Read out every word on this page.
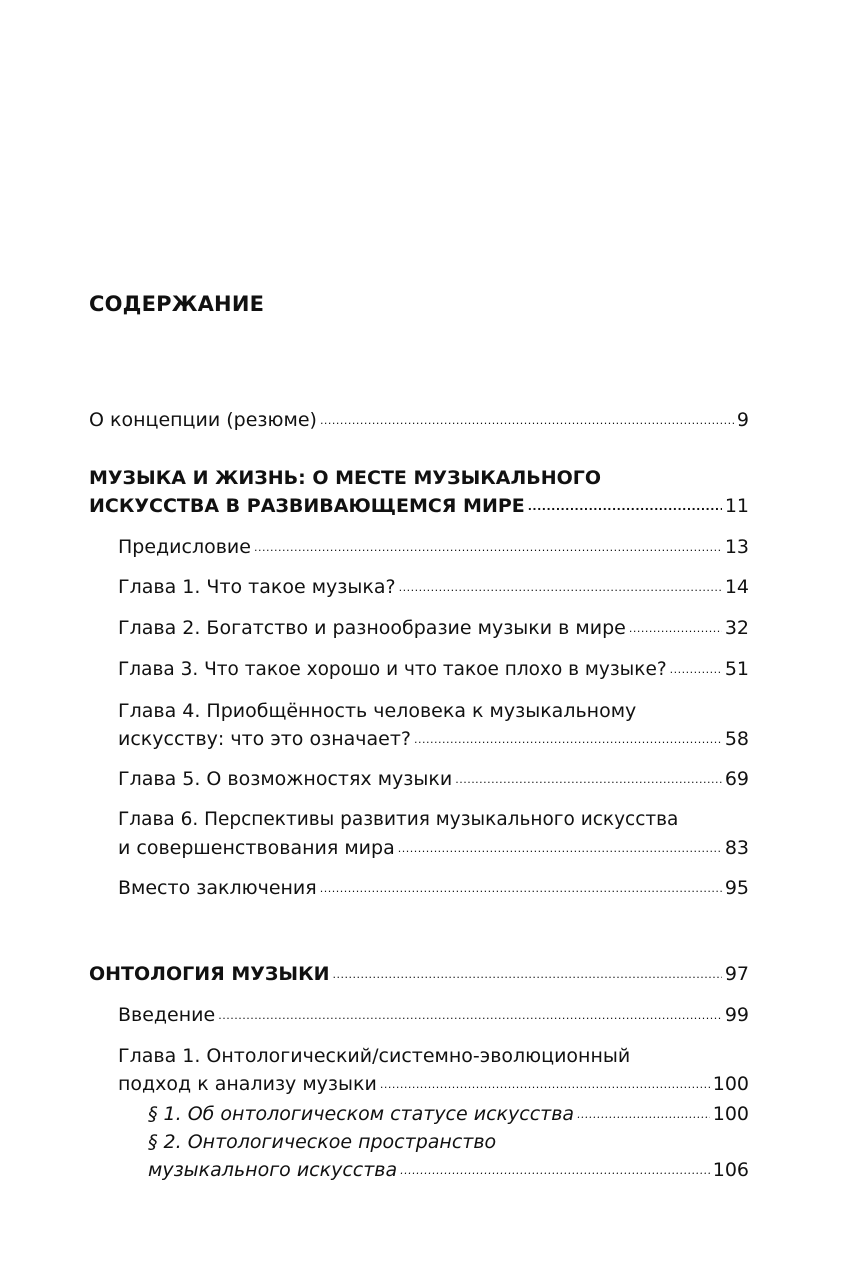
СОДЕРЖАНИЕ
О концепции (резюме) .....	9
МУЗЫКА И ЖИЗНЬ: О МЕСТЕ МУЗЫКАЛЬНОГО
ИСКУССТВА В РАЗВИВАЮЩЕМСЯ МИРЕ .....	11
Предисловие .....	13
Глава 1. Что такое музыка? .....	14
Глава 2. Богатство и разнообразие музыки в мире .....	32
Глава 3. Что такое хорошо и что такое плохо в музыке? .....	51
Глава 4. Приобщённость человека к музыкальному
искусству: что это означает? .....	58
Глава 5. О возможностях музыки .....	69
Глава 6. Перспективы развития музыкального искусства
и совершенствования мира .....	83
Вместо заключения .....	95
ОНТОЛОГИЯ МУЗЫКИ .....	97
Введение .....	99
Глава 1. Онтологический/системно-эволюционный
подход к анализу музыки .....	100
§ 1. Об онтологическом статусе искусства .....	100
§ 2. Онтологическое пространство
музыкального искусства .....	106
